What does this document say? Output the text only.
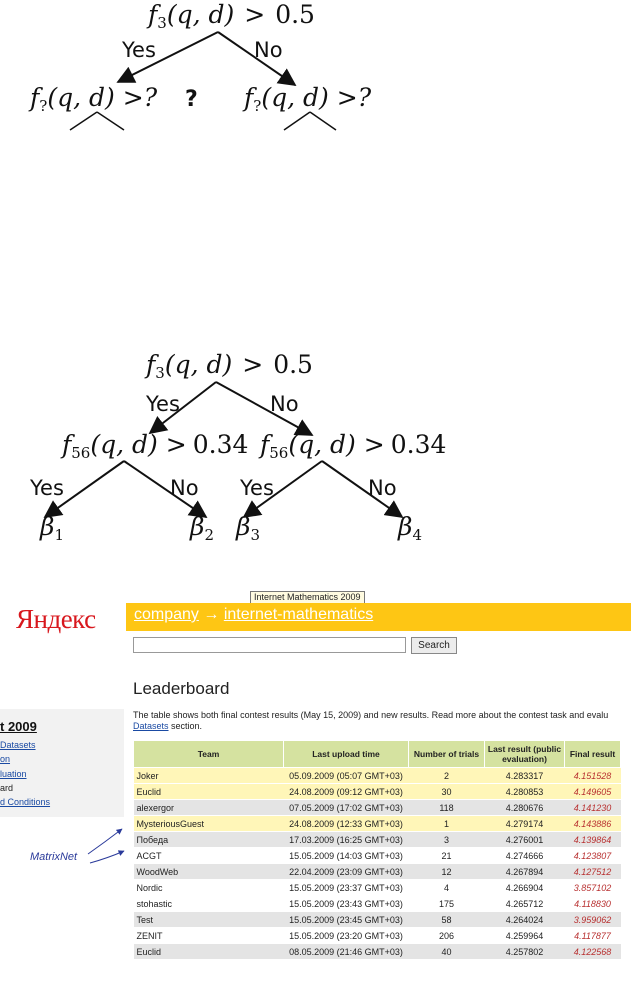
$f_3(q$, d) > 0.5
Yes	No
$f_?(q$, d) >? ? $f_?(q$, d) >?
$f_3(q$, d) > 0.5
Yes	No
$f_{56}(q$, d) > 0.34 $f_{56}(q$, d) > 0.34
Yes	No Yes	No
$\beta_1$	$\beta_2$ $\beta_3$	$\beta_4$
Internet Mathematics 2009
Яндекс company → internet-mathematics
Search
t 2009
Datasets
on
luation
ard
d Conditions
Leaderboard
The table shows both final contest results (May 15, 2009) and new results. Read more about the contest task and evalu
Datasets section.
Team	Last upload time	Number of trials	Last result (public evaluation)	Final result
Joker	05.09.2009 (05:07 GMT+03)	2	4.283317	4.151528
Euclid	24.08.2009 (09:12 GMT+03)	30	4.280853	4.149605
alexergor	07.05.2009 (17:02 GMT+03)	118	4.280676	4.141230
MysteriousGuest	24.08.2009 (12:33 GMT+03)	1	4.279174	4.143886
Победа	17.03.2009 (16:25 GMT+03)	3	4.276001	4.139864
ACGT	15.05.2009 (14:03 GMT+03)	21	4.274666	4.123807
WoodWeb	22.04.2009 (23:09 GMT+03)	12	4.267894	4.127512
Nordic	15.05.2009 (23:37 GMT+03)	4	4.266904	3.857102
stohastic	15.05.2009 (23:43 GMT+03)	175	4.265712	4.118830
Test	15.05.2009 (23:45 GMT+03)	58	4.264024	3.959062
ZENIT	15.05.2009 (23:20 GMT+03)	206	4.259964	4.117877
Euclid	08.05.2009 (21:46 GMT+03)	40	4.257802	4.122568
MatrixNet
